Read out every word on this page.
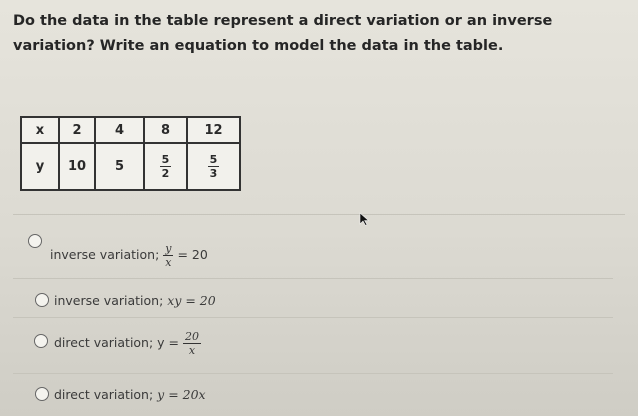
Do the data in the table represent a direct variation or an inverse variation? Write an equation to model the data in the table.

x	2	4	8	12
y	10	5	$\frac{5}{2}$	$\frac{5}{3}$
inverse variation; $\frac{y}{x} = 20$
inverse variation; xy = 20
direct variation; $y = \frac{20}{x}$
direct variation; y = 20x
